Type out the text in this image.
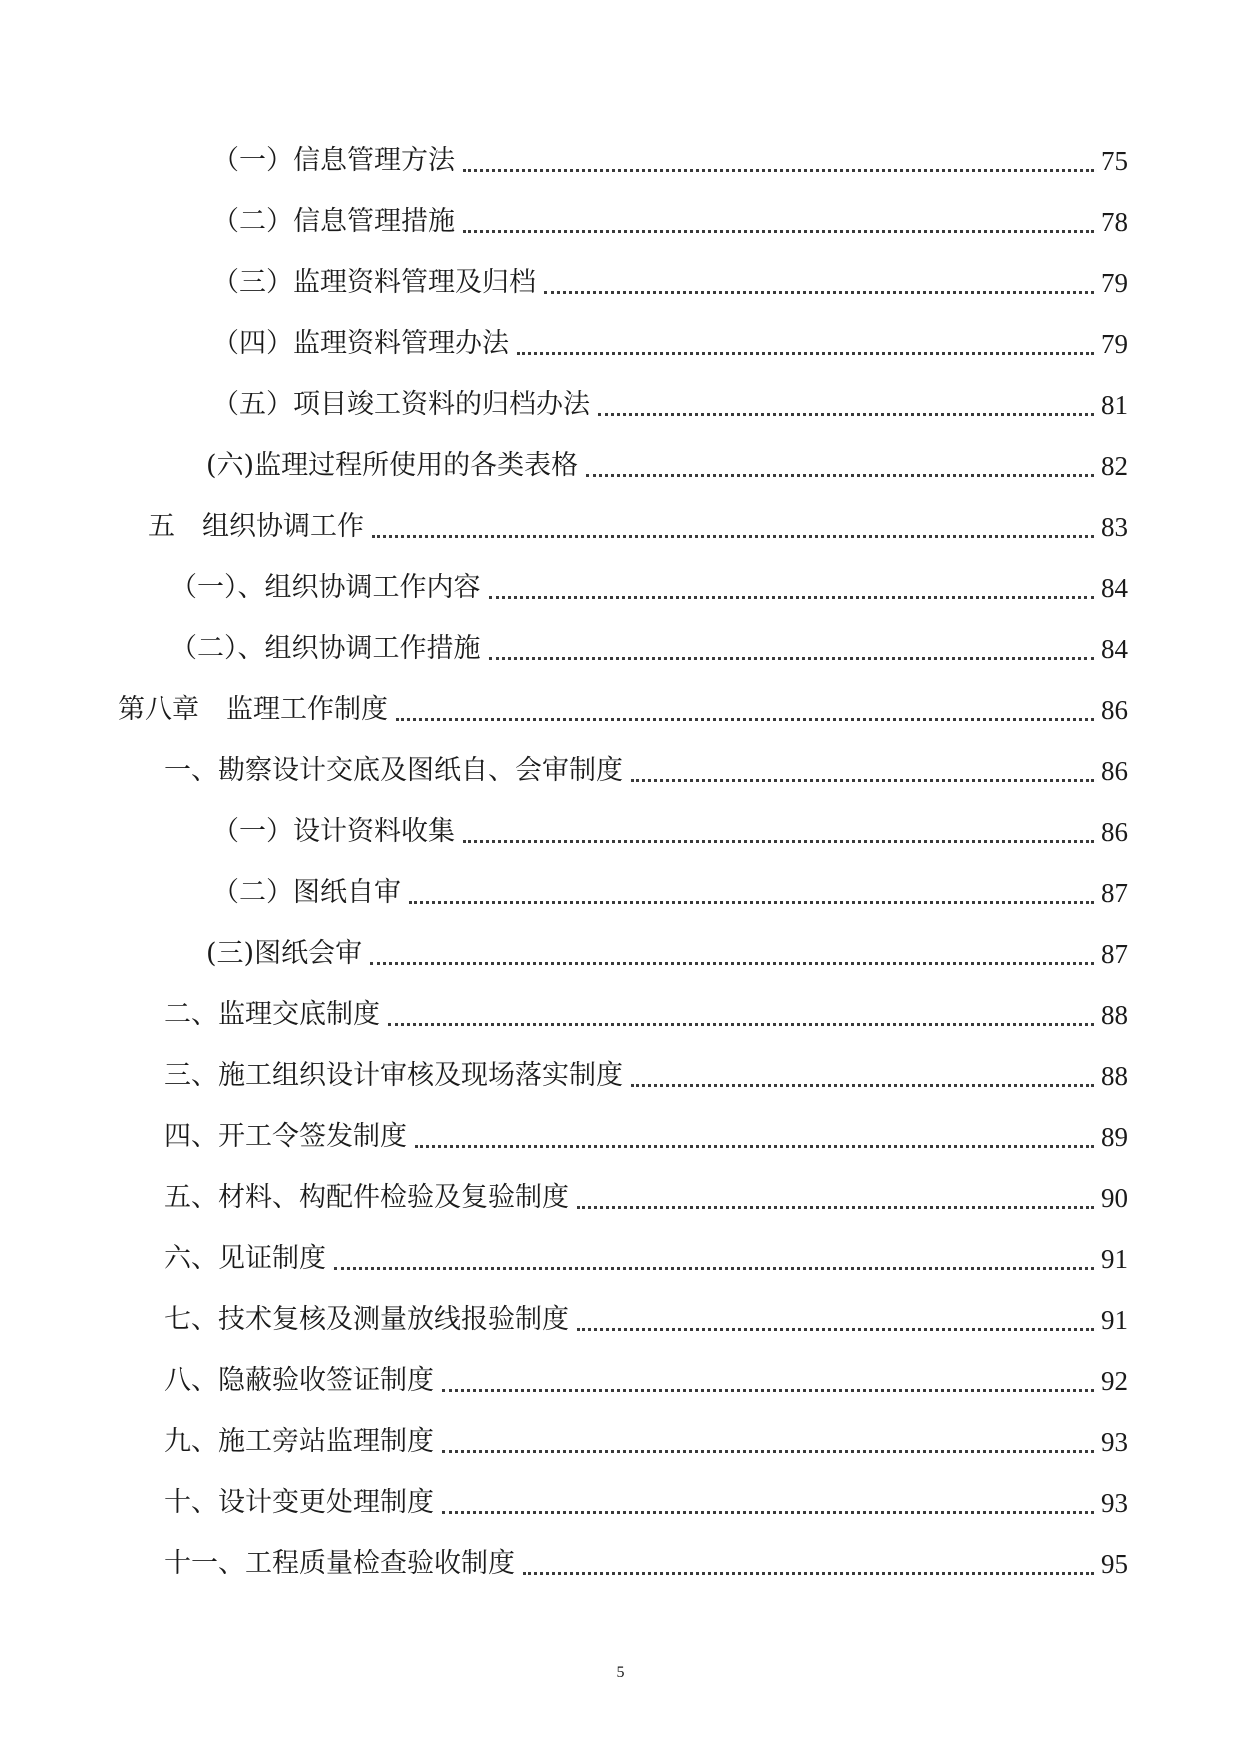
（一）信息管理方法	75
（二）信息管理措施	78
（三）监理资料管理及归档	79
（四）监理资料管理办法	79
（五）项目竣工资料的归档办法	81
(六)监理过程所使用的各类表格	82
五　组织协调工作	83
（一）、组织协调工作内容	84
（二）、组织协调工作措施	84
第八章　监理工作制度	86
一、勘察设计交底及图纸自、会审制度	86
（一）设计资料收集	86
（二）图纸自审	87
(三)图纸会审	87
二、监理交底制度	88
三、施工组织设计审核及现场落实制度	88
四、开工令签发制度	89
五、材料、构配件检验及复验制度	90
六、见证制度	91
七、技术复核及测量放线报验制度	91
八、隐蔽验收签证制度	92
九、施工旁站监理制度	93
十、设计变更处理制度	93
十一、工程质量检查验收制度	95
5
